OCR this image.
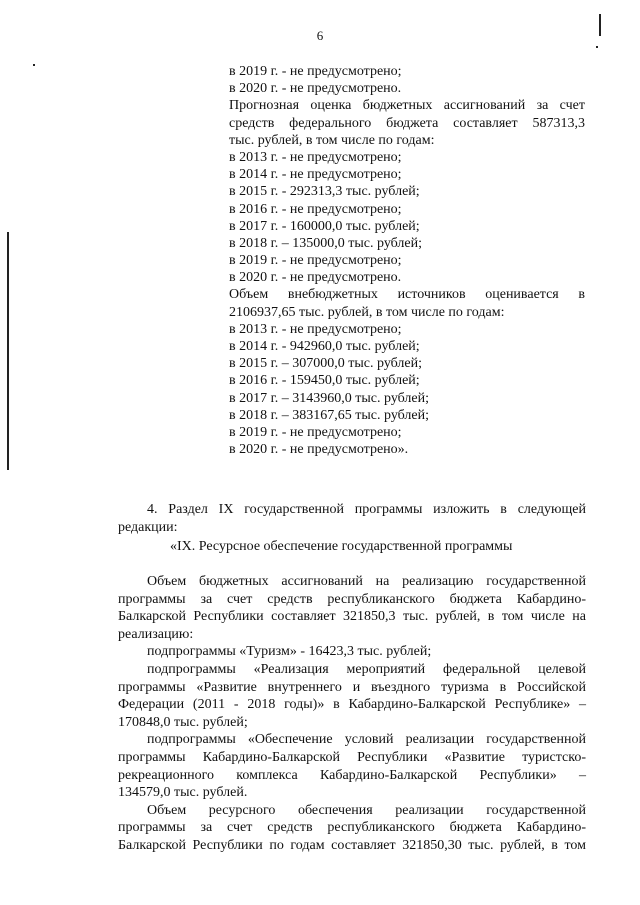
6
в 2019 г. - не предусмотрено;
в 2020 г. - не предусмотрено.
Прогнозная оценка бюджетных ассигнований за счет
средств федерального бюджета составляет 587313,3
тыс. рублей, в том числе по годам:
в 2013 г. - не предусмотрено;
в 2014 г. - не предусмотрено;
в 2015 г. - 292313,3 тыс. рублей;
в 2016 г. - не предусмотрено;
в 2017 г. - 160000,0 тыс. рублей;
в 2018 г. – 135000,0 тыс. рублей;
в 2019 г. - не предусмотрено;
в 2020 г. - не предусмотрено.
Объем внебюджетных источников оценивается в
2106937,65 тыс. рублей, в том числе по годам:
в 2013 г. - не предусмотрено;
в 2014 г. - 942960,0 тыс. рублей;
в 2015 г. – 307000,0 тыс. рублей;
в 2016 г. - 159450,0 тыс. рублей;
в 2017 г. – 3143960,0 тыс. рублей;
в 2018 г. – 383167,65 тыс. рублей;
в 2019 г. - не предусмотрено;
в 2020 г. - не предусмотрено».
4. Раздел IX государственной программы изложить в следующей
редакции:
«IX. Ресурсное обеспечение государственной программы
Объем бюджетных ассигнований на реализацию государственной
программы за счет средств республиканского бюджета Кабардино-
Балкарской Республики составляет 321850,3 тыс. рублей, в том числе на
реализацию:
подпрограммы «Туризм» - 16423,3 тыс. рублей;
подпрограммы «Реализация мероприятий федеральной целевой
программы «Развитие внутреннего и въездного туризма в Российской
Федерации (2011 - 2018 годы)» в Кабардино-Балкарской Республике» –
170848,0 тыс. рублей;
подпрограммы «Обеспечение условий реализации государственной
программы Кабардино-Балкарской Республики «Развитие туристско-
рекреационного комплекса Кабардино-Балкарской Республики» –
134579,0 тыс. рублей.
Объем ресурсного обеспечения реализации государственной
программы за счет средств республиканского бюджета Кабардино-
Балкарской Республики по годам составляет 321850,30 тыс. рублей, в том
